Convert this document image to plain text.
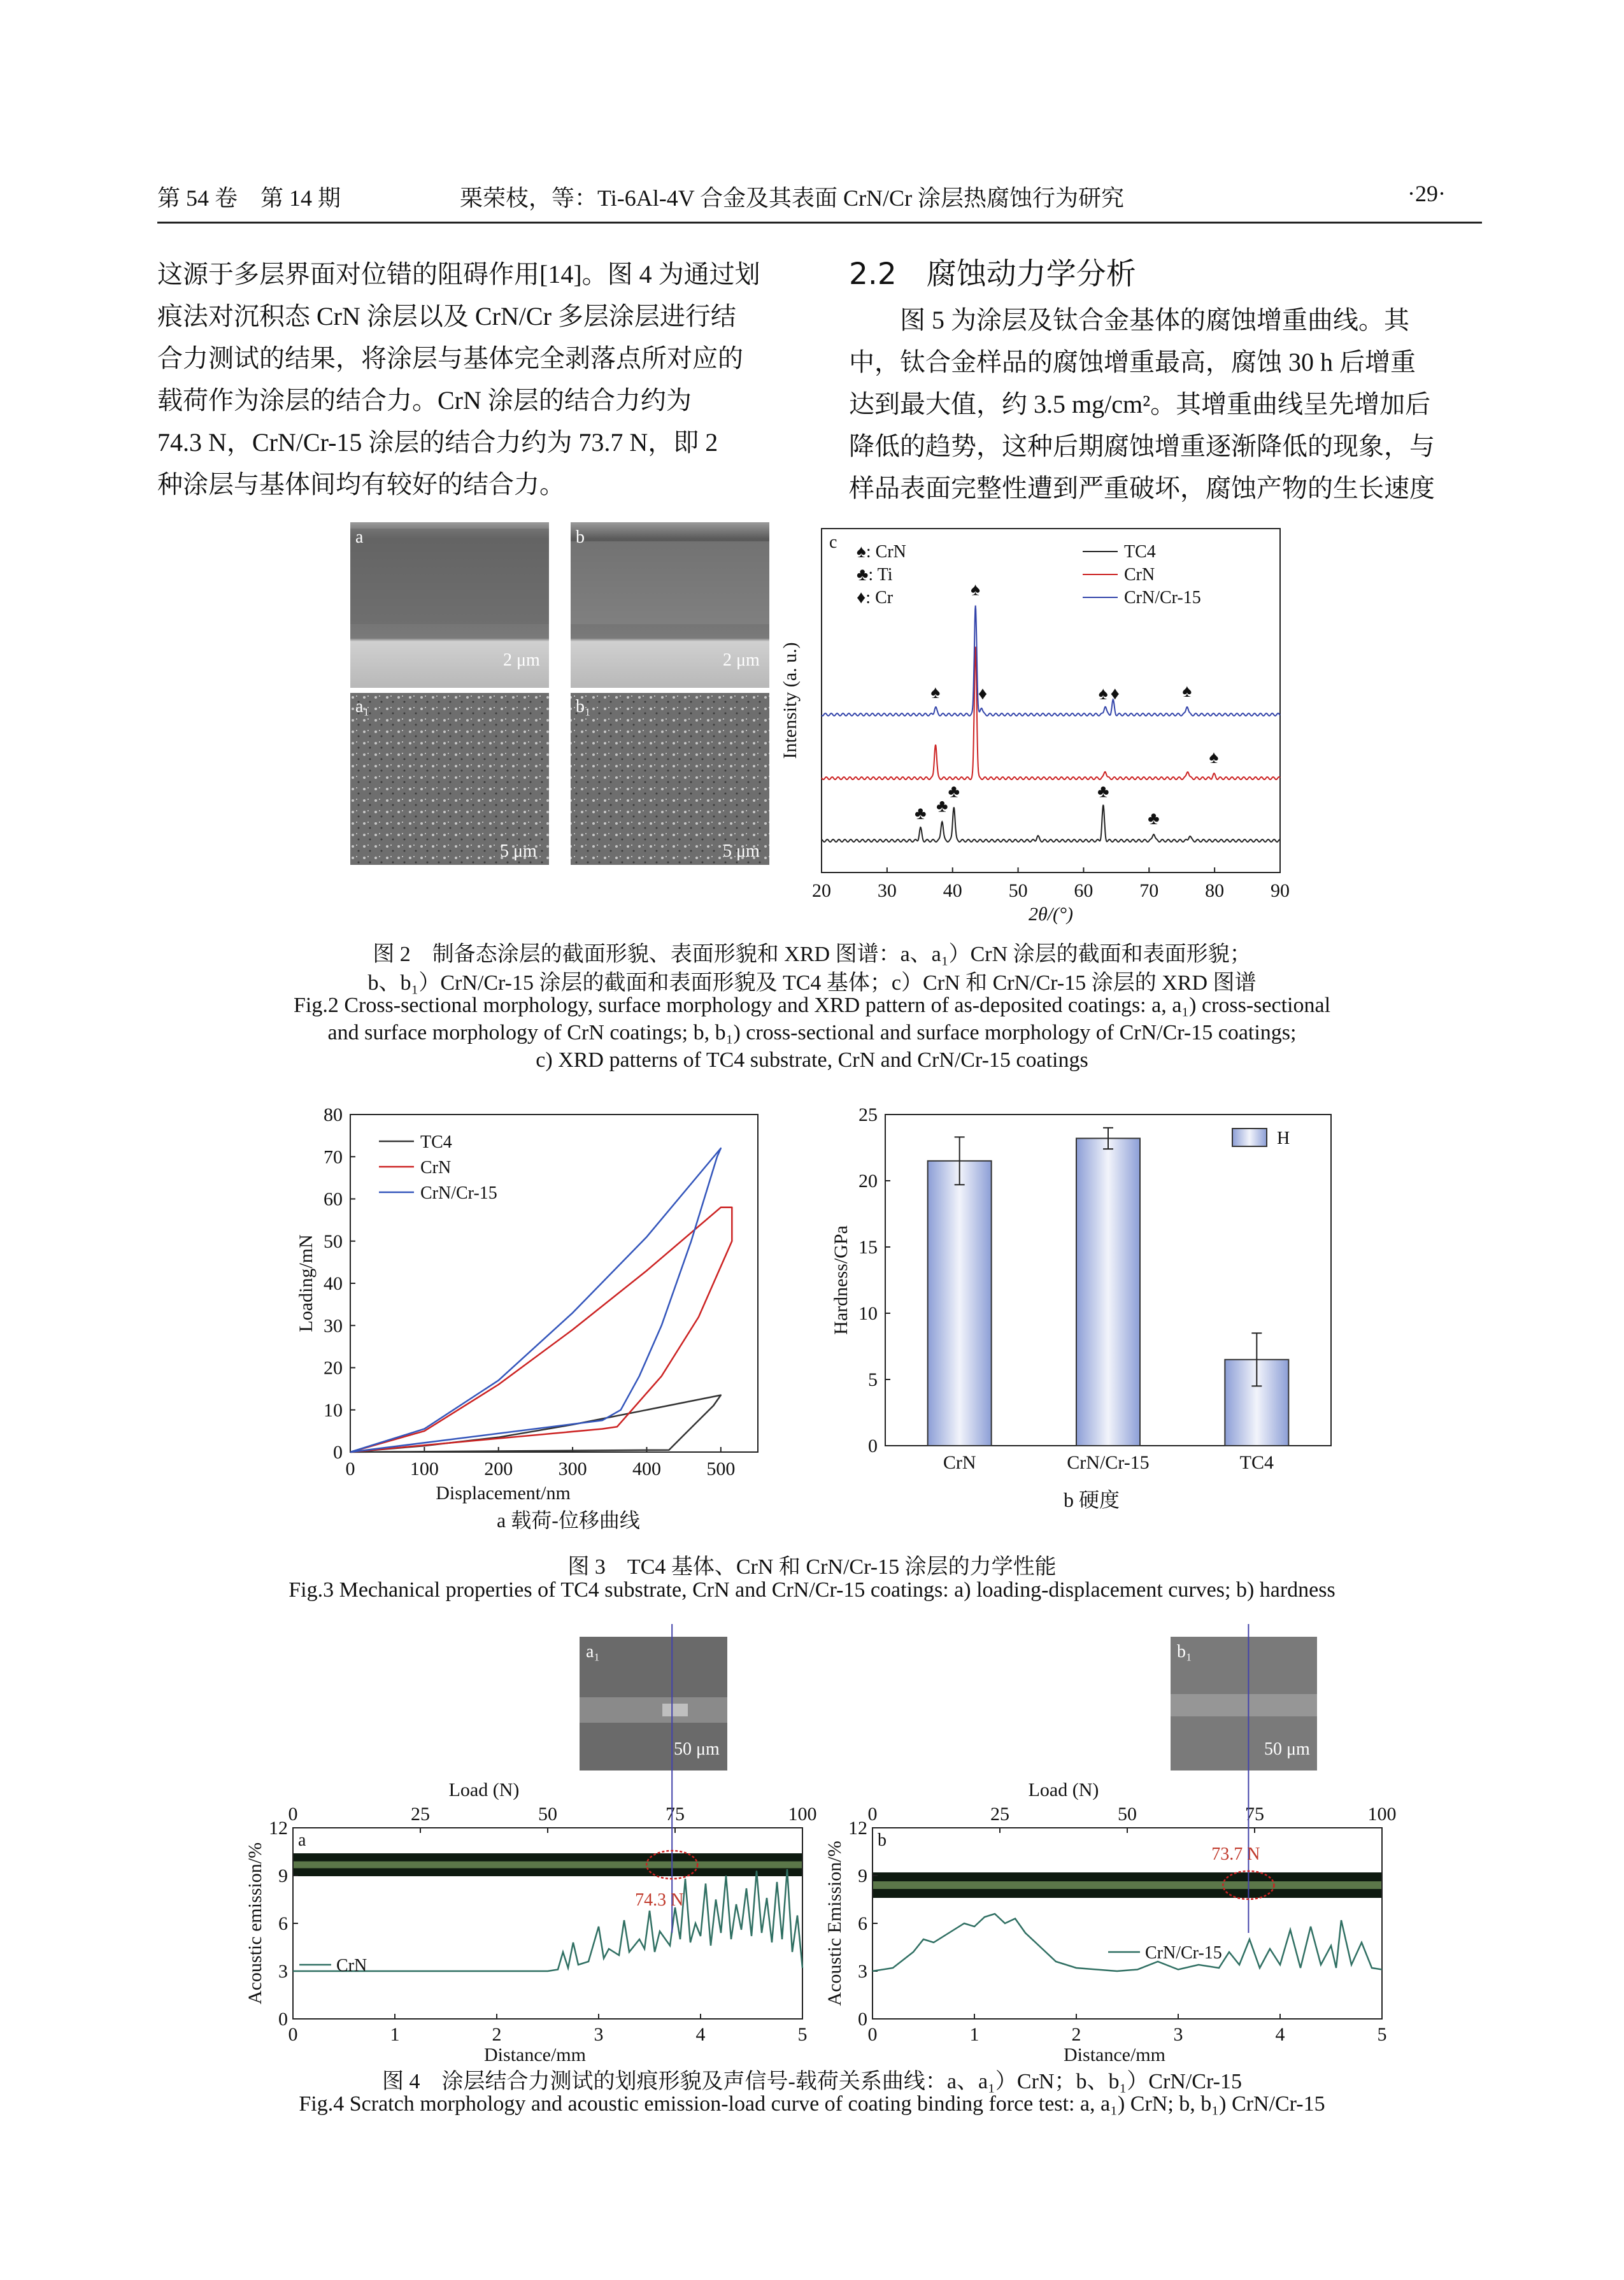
第 54 卷　第 14 期	栗荣枝，等：Ti-6Al-4V 合金及其表面 CrN/Cr 涂层热腐蚀行为研究	·29·

这源于多层界面对位错的阻碍作用[14]。图 4 为通过划

痕法对沉积态 CrN 涂层以及 CrN/Cr 多层涂层进行结

合力测试的结果，将涂层与基体完全剥落点所对应的

载荷作为涂层的结合力。CrN 涂层的结合力约为

74.3 N，CrN/Cr-15 涂层的结合力约为 73.7 N，即 2

种涂层与基体间均有较好的结合力。

2.2　腐蚀动力学分析

图 5 为涂层及钛合金基体的腐蚀增重曲线。其

中，钛合金样品的腐蚀增重最高，腐蚀 30 h 后增重

达到最大值，约 3.5 mg/cm²。其增重曲线呈先增加后

降低的趋势，这种后期腐蚀增重逐渐降低的现象，与

样品表面完整性遭到严重破坏，腐蚀产物的生长速度

a	b
a₁	b₁
2 μm	2 μm
5 μm	5 μm
20 30 40 50 60 70 80 90
2θ/(°)
Intensity (a. u.)
c
♣ ♣
♣	♣
♣
♠
♠
♠
♦	♠ ♦	♠
♠: CrN
♣: Ti
♦: Cr
TC4
CrN
CrN/Cr-15
图 2　制备态涂层的截面形貌、表面形貌和 XRD 图谱：a、a₁）CrN 涂层的截面和表面形貌；
b、b₁）CrN/Cr-15 涂层的截面和表面形貌及 TC4 基体；c）CrN 和 CrN/Cr-15 涂层的 XRD 图谱
Fig.2 Cross-sectional morphology, surface morphology and XRD pattern of as-deposited coatings: a, a₁) cross-sectional
and surface morphology of CrN coatings; b, b₁) cross-sectional and surface morphology of CrN/Cr-15 coatings;
c) XRD patterns of TC4 substrate, CrN and CrN/Cr-15 coatings
0	100 200 300 400 500
0
10
20
30
40
50
60
70
80
Displacement/nm
Loading/mN
TC4
CrN
CrN/Cr-15
0
5
10
15
20
25
Hardness/GPa
CrN	CrN/Cr-15	TC4
H
a 载荷-位移曲线
b 硬度
图 3　TC4 基体、CrN 和 CrN/Cr-15 涂层的力学性能
Fig.3 Mechanical properties of TC4 substrate, CrN and CrN/Cr-15 coatings: a) loading-displacement curves; b) hardness
a₁
50 μm
b₁
50 μm
0	1	2	3	4	5
0	25	50	75	100
0
3
6
9
12
Distance/mm
Load (N)
Acoustic emission/%
a
74.3 N
CrN
0	1	2	3	4	5
0	25	50	75	100
0
3
6
9
12
Distance/mm
Load (N)
Acoustic Emission/%
b
73.7 N
CrN/Cr-15
图 4　涂层结合力测试的划痕形貌及声信号-载荷关系曲线：a、a₁）CrN；b、b₁）CrN/Cr-15
Fig.4 Scratch morphology and acoustic emission-load curve of coating binding force test: a, a₁) CrN; b, b₁) CrN/Cr-15
